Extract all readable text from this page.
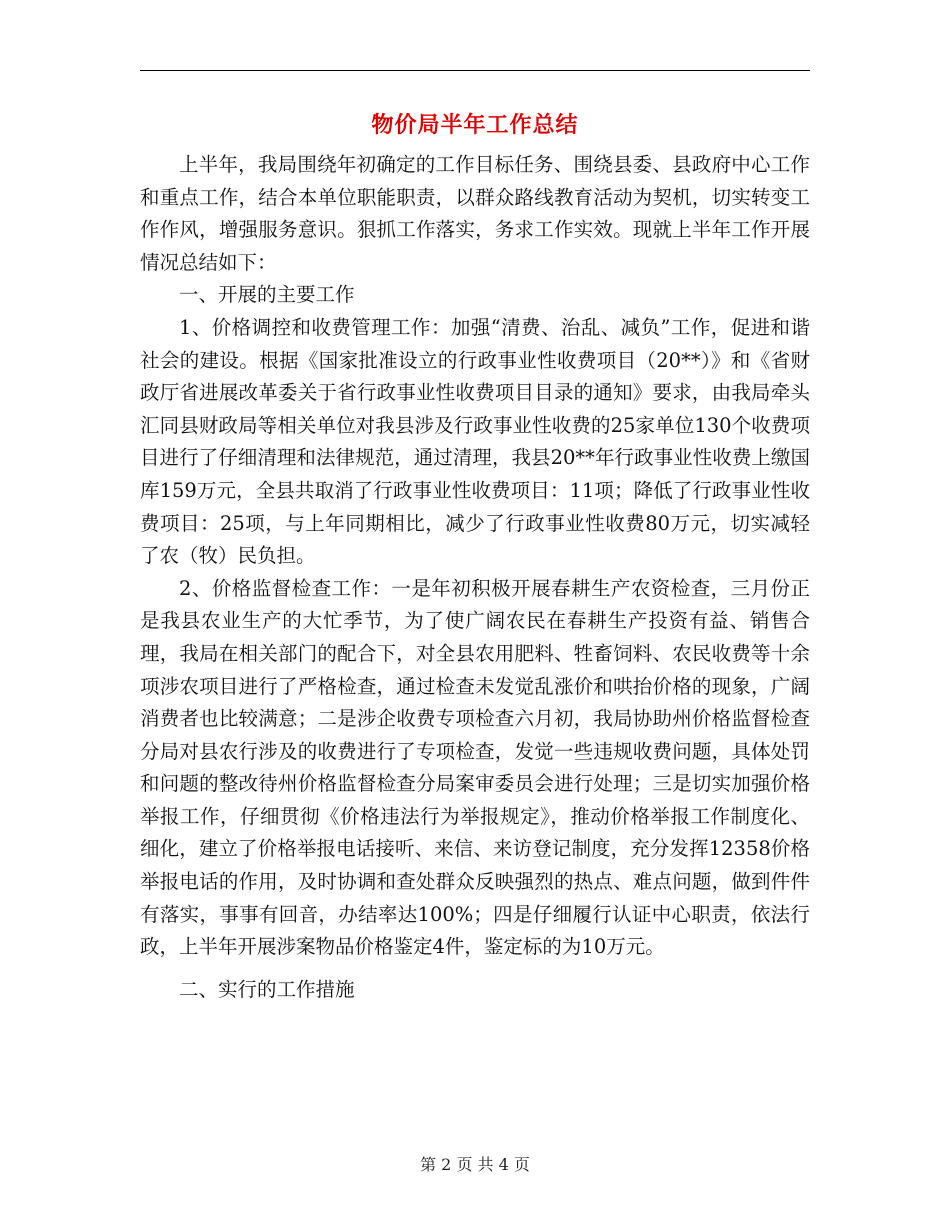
物价局半年工作总结

上半年，我局围绕年初确定的工作目标任务、围绕县委、县政府中心工作和重点工作，结合本单位职能职责，以群众路线教育活动为契机，切实转变工作作风，增强服务意识。狠抓工作落实，务求工作实效。现就上半年工作开展情况总结如下：

一、开展的主要工作

1、价格调控和收费管理工作：加强“清费、治乱、减负”工作，促进和谐社会的建设。根据《国家批准设立的行政事业性收费项目（20**）》和《省财政厅省进展改革委关于省行政事业性收费项目目录的通知》要求，由我局牵头汇同县财政局等相关单位对我县涉及行政事业性收费的25家单位130个收费项目进行了仔细清理和法律规范，通过清理，我县20**年行政事业性收费上缴国库159万元，全县共取消了行政事业性收费项目：11项；降低了行政事业性收费项目：25项，与上年同期相比，减少了行政事业性收费80万元，切实减轻了农（牧）民负担。

2、价格监督检查工作：一是年初积极开展春耕生产农资检查，三月份正是我县农业生产的大忙季节，为了使广阔农民在春耕生产投资有益、销售合理，我局在相关部门的配合下，对全县农用肥料、牲畜饲料、农民收费等十余项涉农项目进行了严格检查，通过检查未发觉乱涨价和哄抬价格的现象，广阔消费者也比较满意；二是涉企收费专项检查六月初，我局协助州价格监督检查分局对县农行涉及的收费进行了专项检查，发觉一些违规收费问题，具体处罚和问题的整改待州价格监督检查分局案审委员会进行处理；三是切实加强价格举报工作，仔细贯彻《价格违法行为举报规定》，推动价格举报工作制度化、细化，建立了价格举报电话接听、来信、来访登记制度，充分发挥12358价格举报电话的作用，及时协调和查处群众反映强烈的热点、难点问题，做到件件有落实，事事有回音，办结率达100%；四是仔细履行认证中心职责，依法行政，上半年开展涉案物品价格鉴定4件，鉴定标的为10万元。

二、实行的工作措施

第 2 页 共 4 页
